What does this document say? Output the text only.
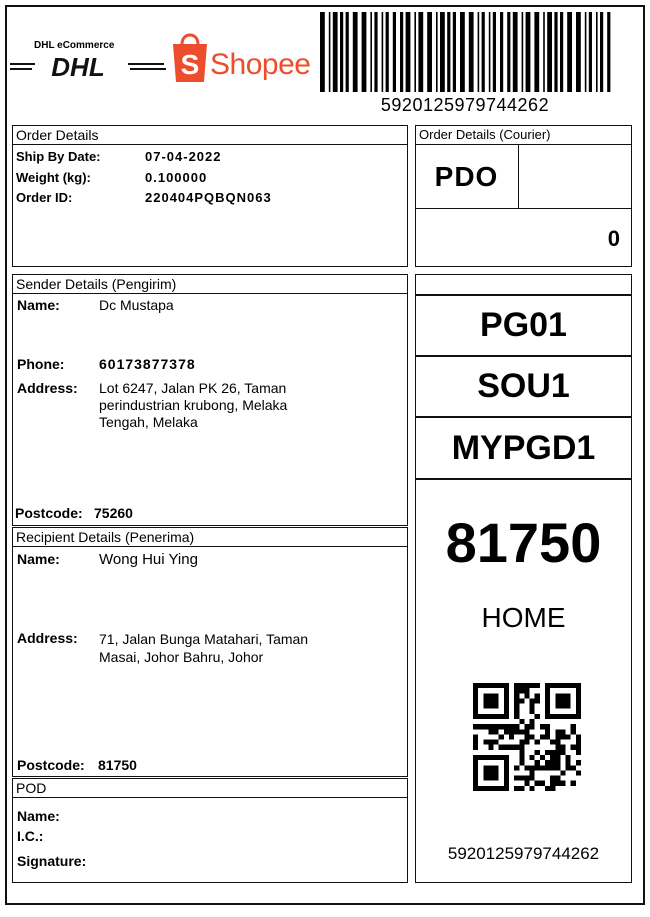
DHL eCommerce
DHL	S Shopee
5920125979744262
Order Details
Ship By Date:	07-04-2022
Weight (kg):	0.100000
Order ID:	220404PQBQN063
Order Details (Courier)
PDO
0
Sender Details (Pengirim)
Name:	Dc Mustapa
Phone: 60173877378
Address: Lot 6247, Jalan PK 26, Taman
perindustrian krubong, Melaka
Tengah, Melaka
Postcode: 75260
Recipient Details (Penerima)
Name:	Wong Hui Ying
Address: 71, Jalan Bunga Matahari, Taman
Masai, Johor Bahru, Johor
Postcode: 81750
POD
Name:
I.C.:
Signature:
PG01
SOU1
MYPGD1
81750
HOME
5920125979744262
